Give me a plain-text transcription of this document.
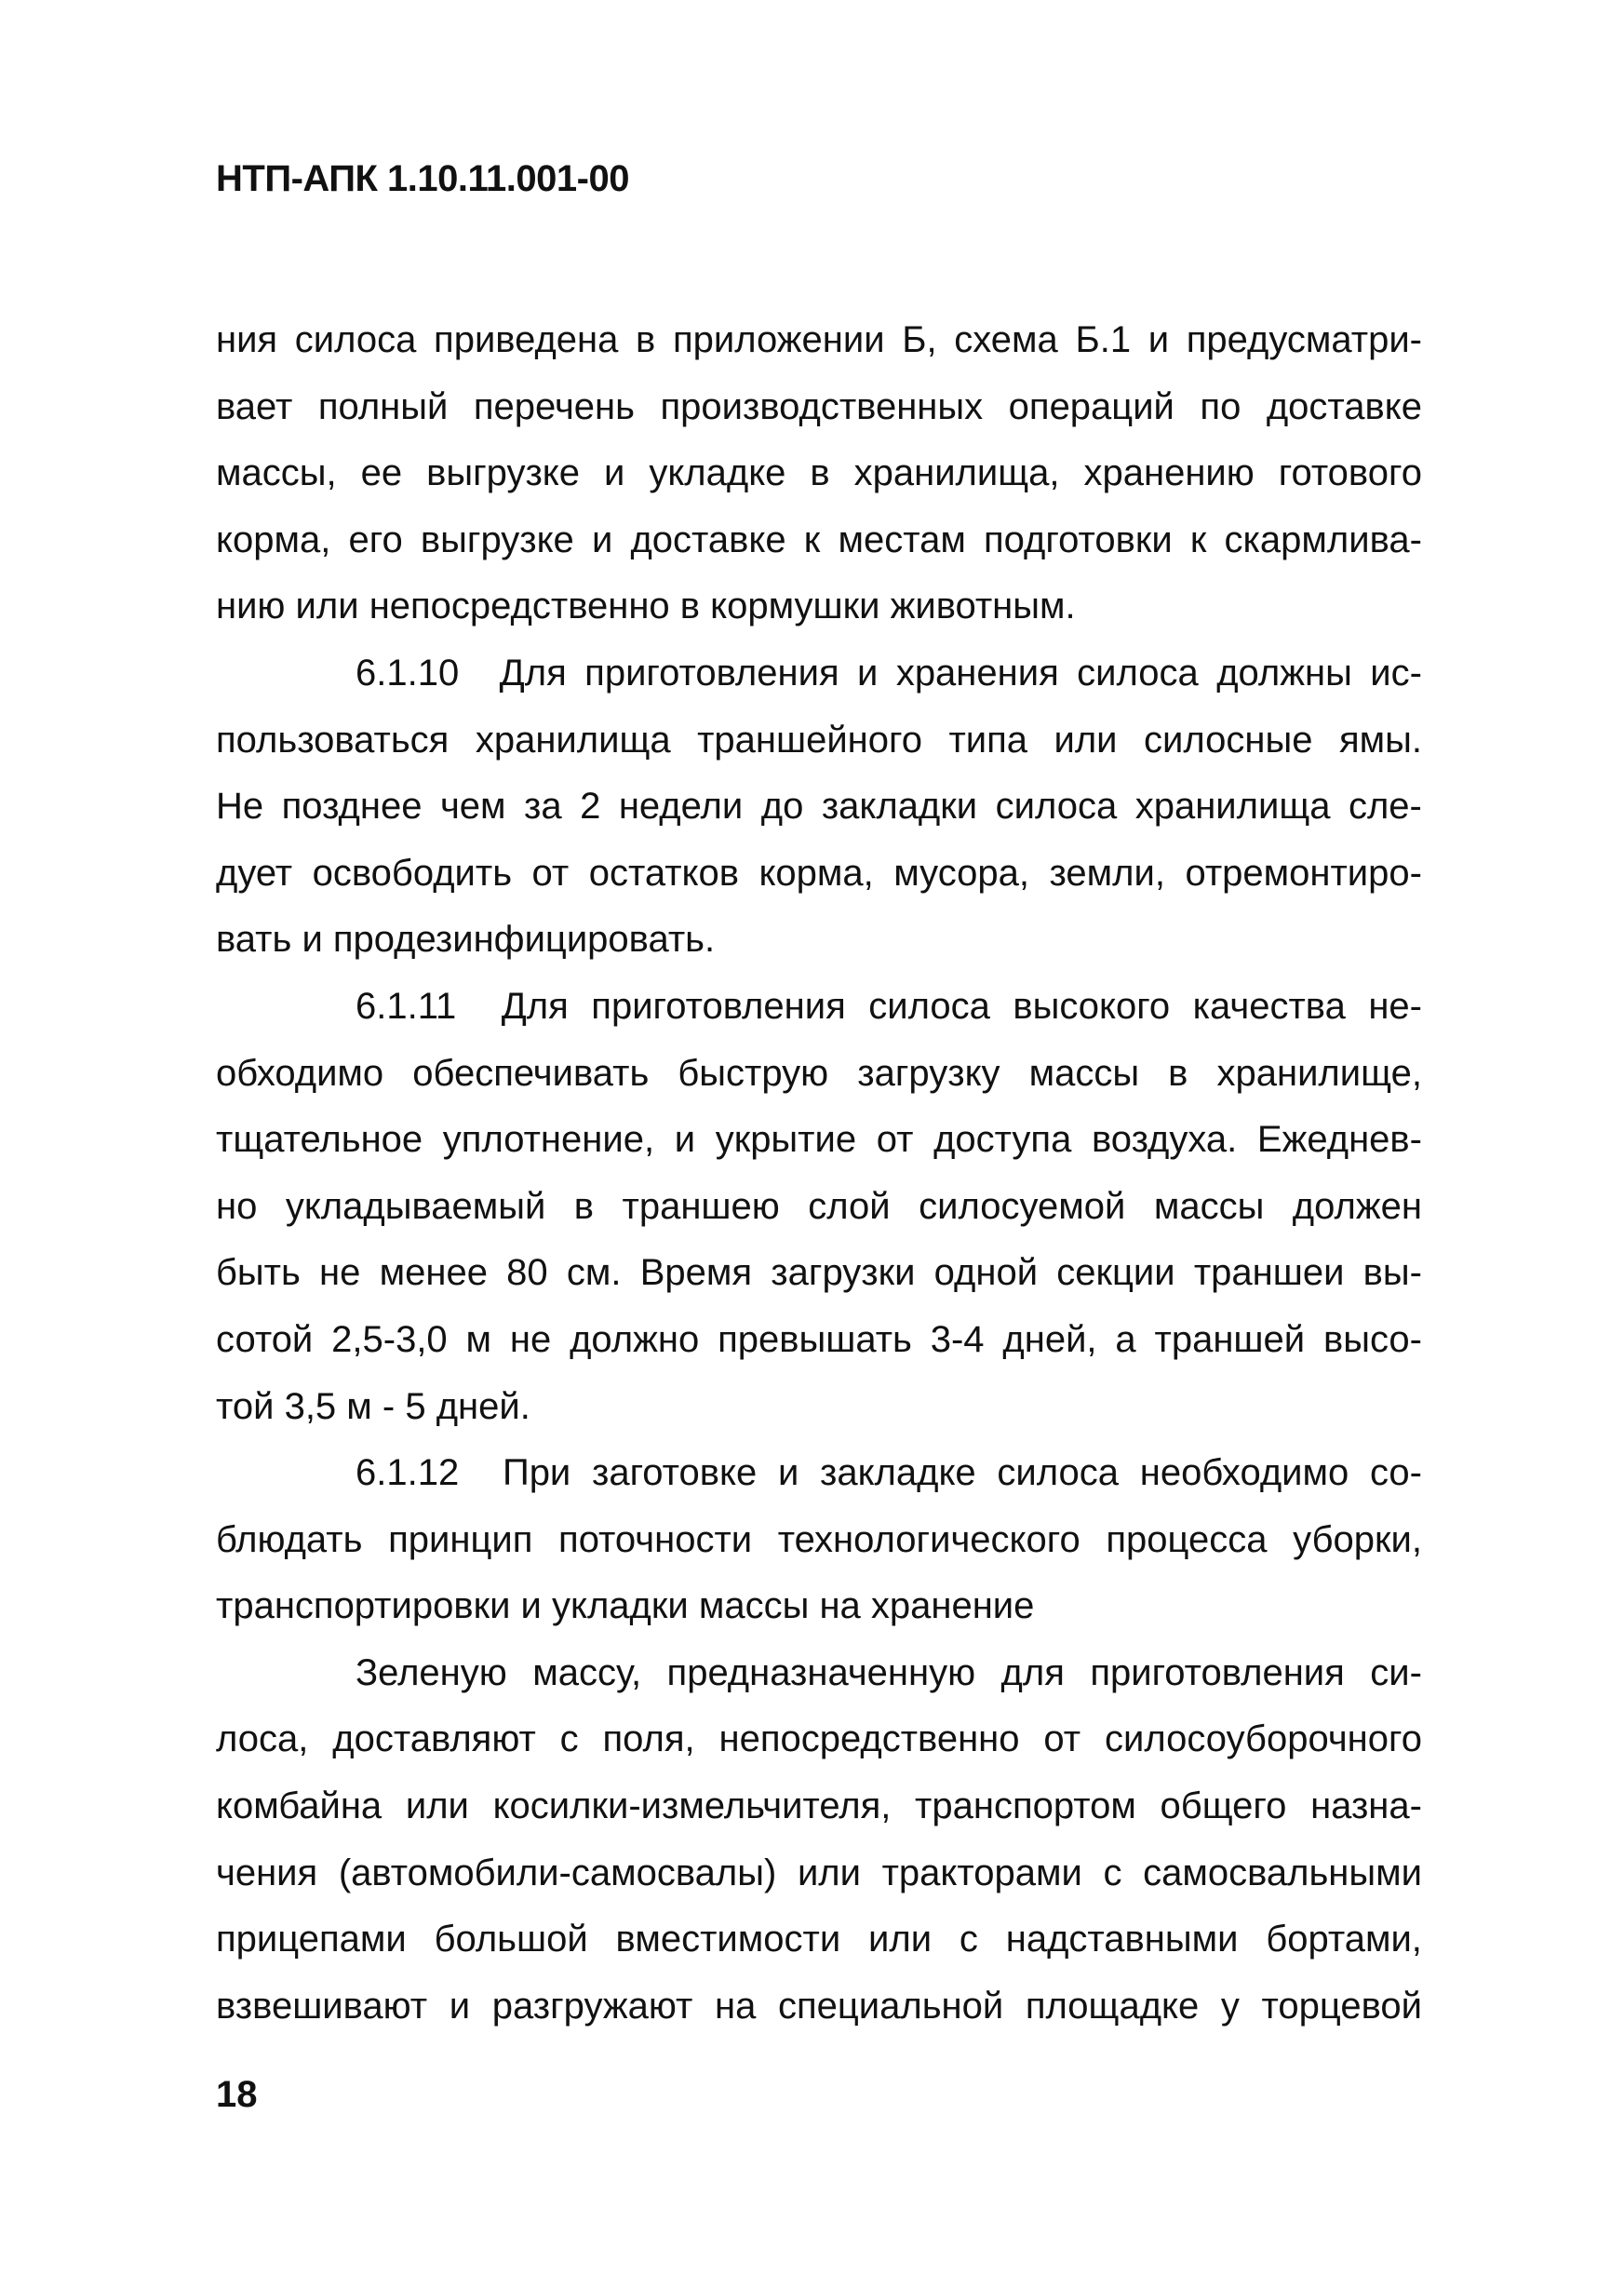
НТП-АПК 1.10.11.001-00
ния силоса приведена в приложении Б, схема Б.1 и предусматри-
вает полный перечень производственных операций по доставке
массы, ее выгрузке и укладке в хранилища, хранению готового
корма, его выгрузке и доставке к местам подготовки к скармлива-
нию или непосредственно в кормушки животным.
6.1.10 Для приготовления и хранения силоса должны ис-
пользоваться хранилища траншейного типа или силосные ямы.
Не позднее чем за 2 недели до закладки силоса хранилища сле-
дует освободить от остатков корма, мусора, земли, отремонтиро-
вать и продезинфицировать.
6.1.11 Для приготовления силоса высокого качества не-
обходимо обеспечивать быструю загрузку массы в хранилище,
тщательное уплотнение, и укрытие от доступа воздуха. Ежеднев-
но укладываемый в траншею слой силосуемой массы должен
быть не менее 80 см. Время загрузки одной секции траншеи вы-
сотой 2,5-3,0 м не должно превышать 3-4 дней, а траншей высо-
той 3,5 м - 5 дней.
6.1.12 При заготовке и закладке силоса необходимо со-
блюдать принцип поточности технологического процесса уборки,
транспортировки и укладки массы на хранение
Зеленую массу, предназначенную для приготовления си-
лоса, доставляют с поля, непосредственно от силосоуборочного
комбайна или косилки-измельчителя, транспортом общего назна-
чения (автомобили-самосвалы) или тракторами с самосвальными
прицепами большой вместимости или с надставными бортами,
взвешивают и разгружают на специальной площадке у торцевой
18
